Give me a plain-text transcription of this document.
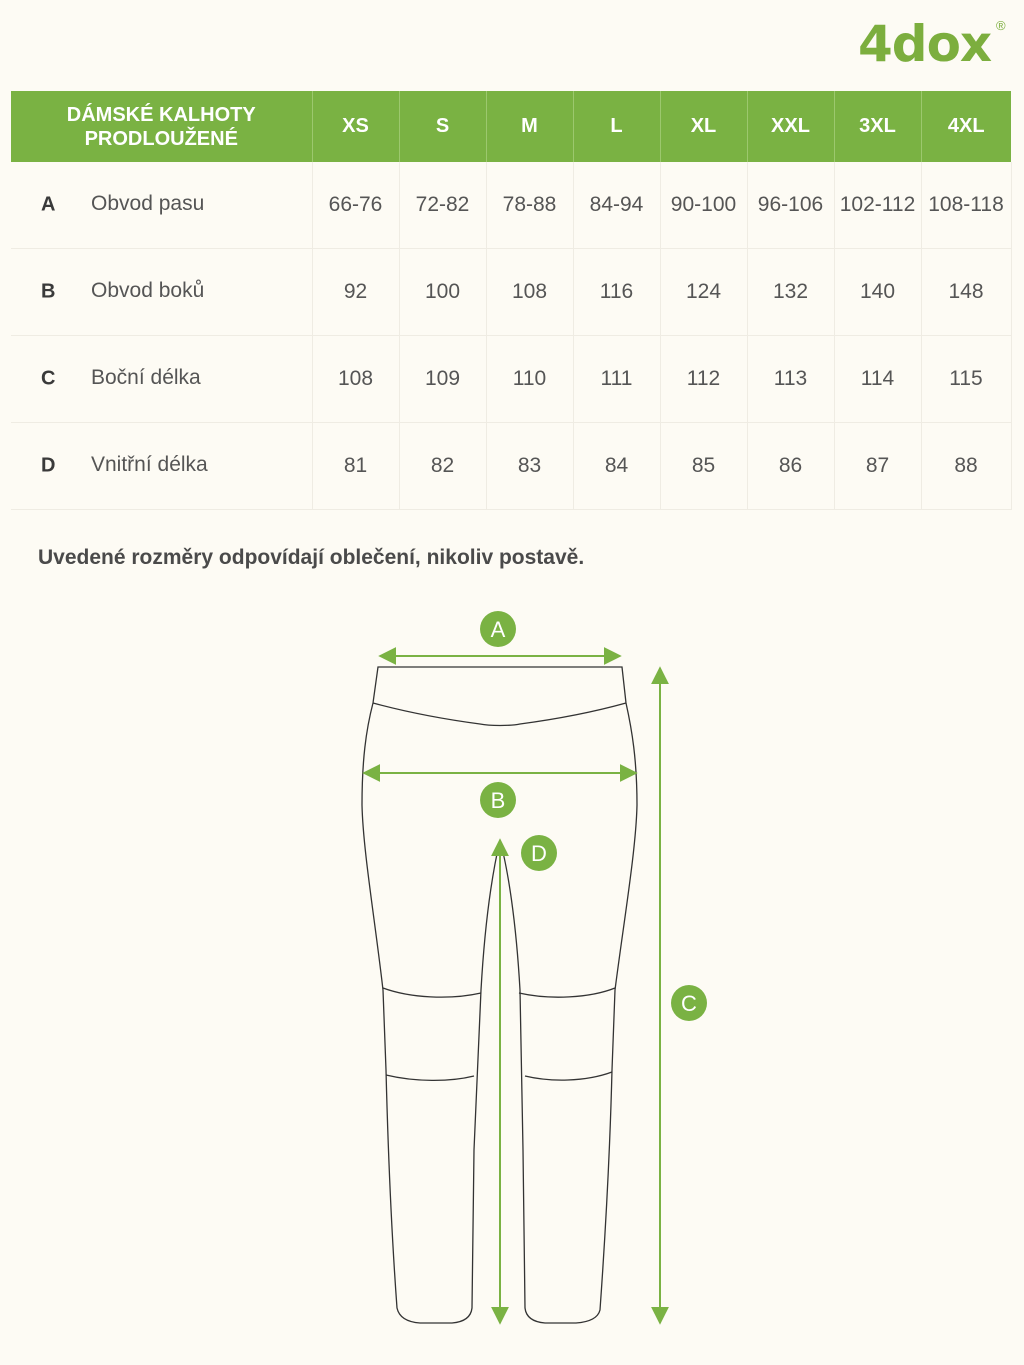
4dox ®
DÁMSKÉ KALHOTY PRODLOUŽENÉ	XS	S	M	L	XL	XXL	3XL	4XL

A Obvod pasu	66-76	72-82	78-88	84-94	90-100	96-106	102-112	108-118

B Obvod boků	92	100	108	116	124	132	140	148

C Boční délka	108	109	110	111	112	113	114	115

D Vnitřní délka	81	82	83	84	85	86	87	88
Uvedené rozměry odpovídají oblečení, nikoliv postavě.
A
B
D
C
